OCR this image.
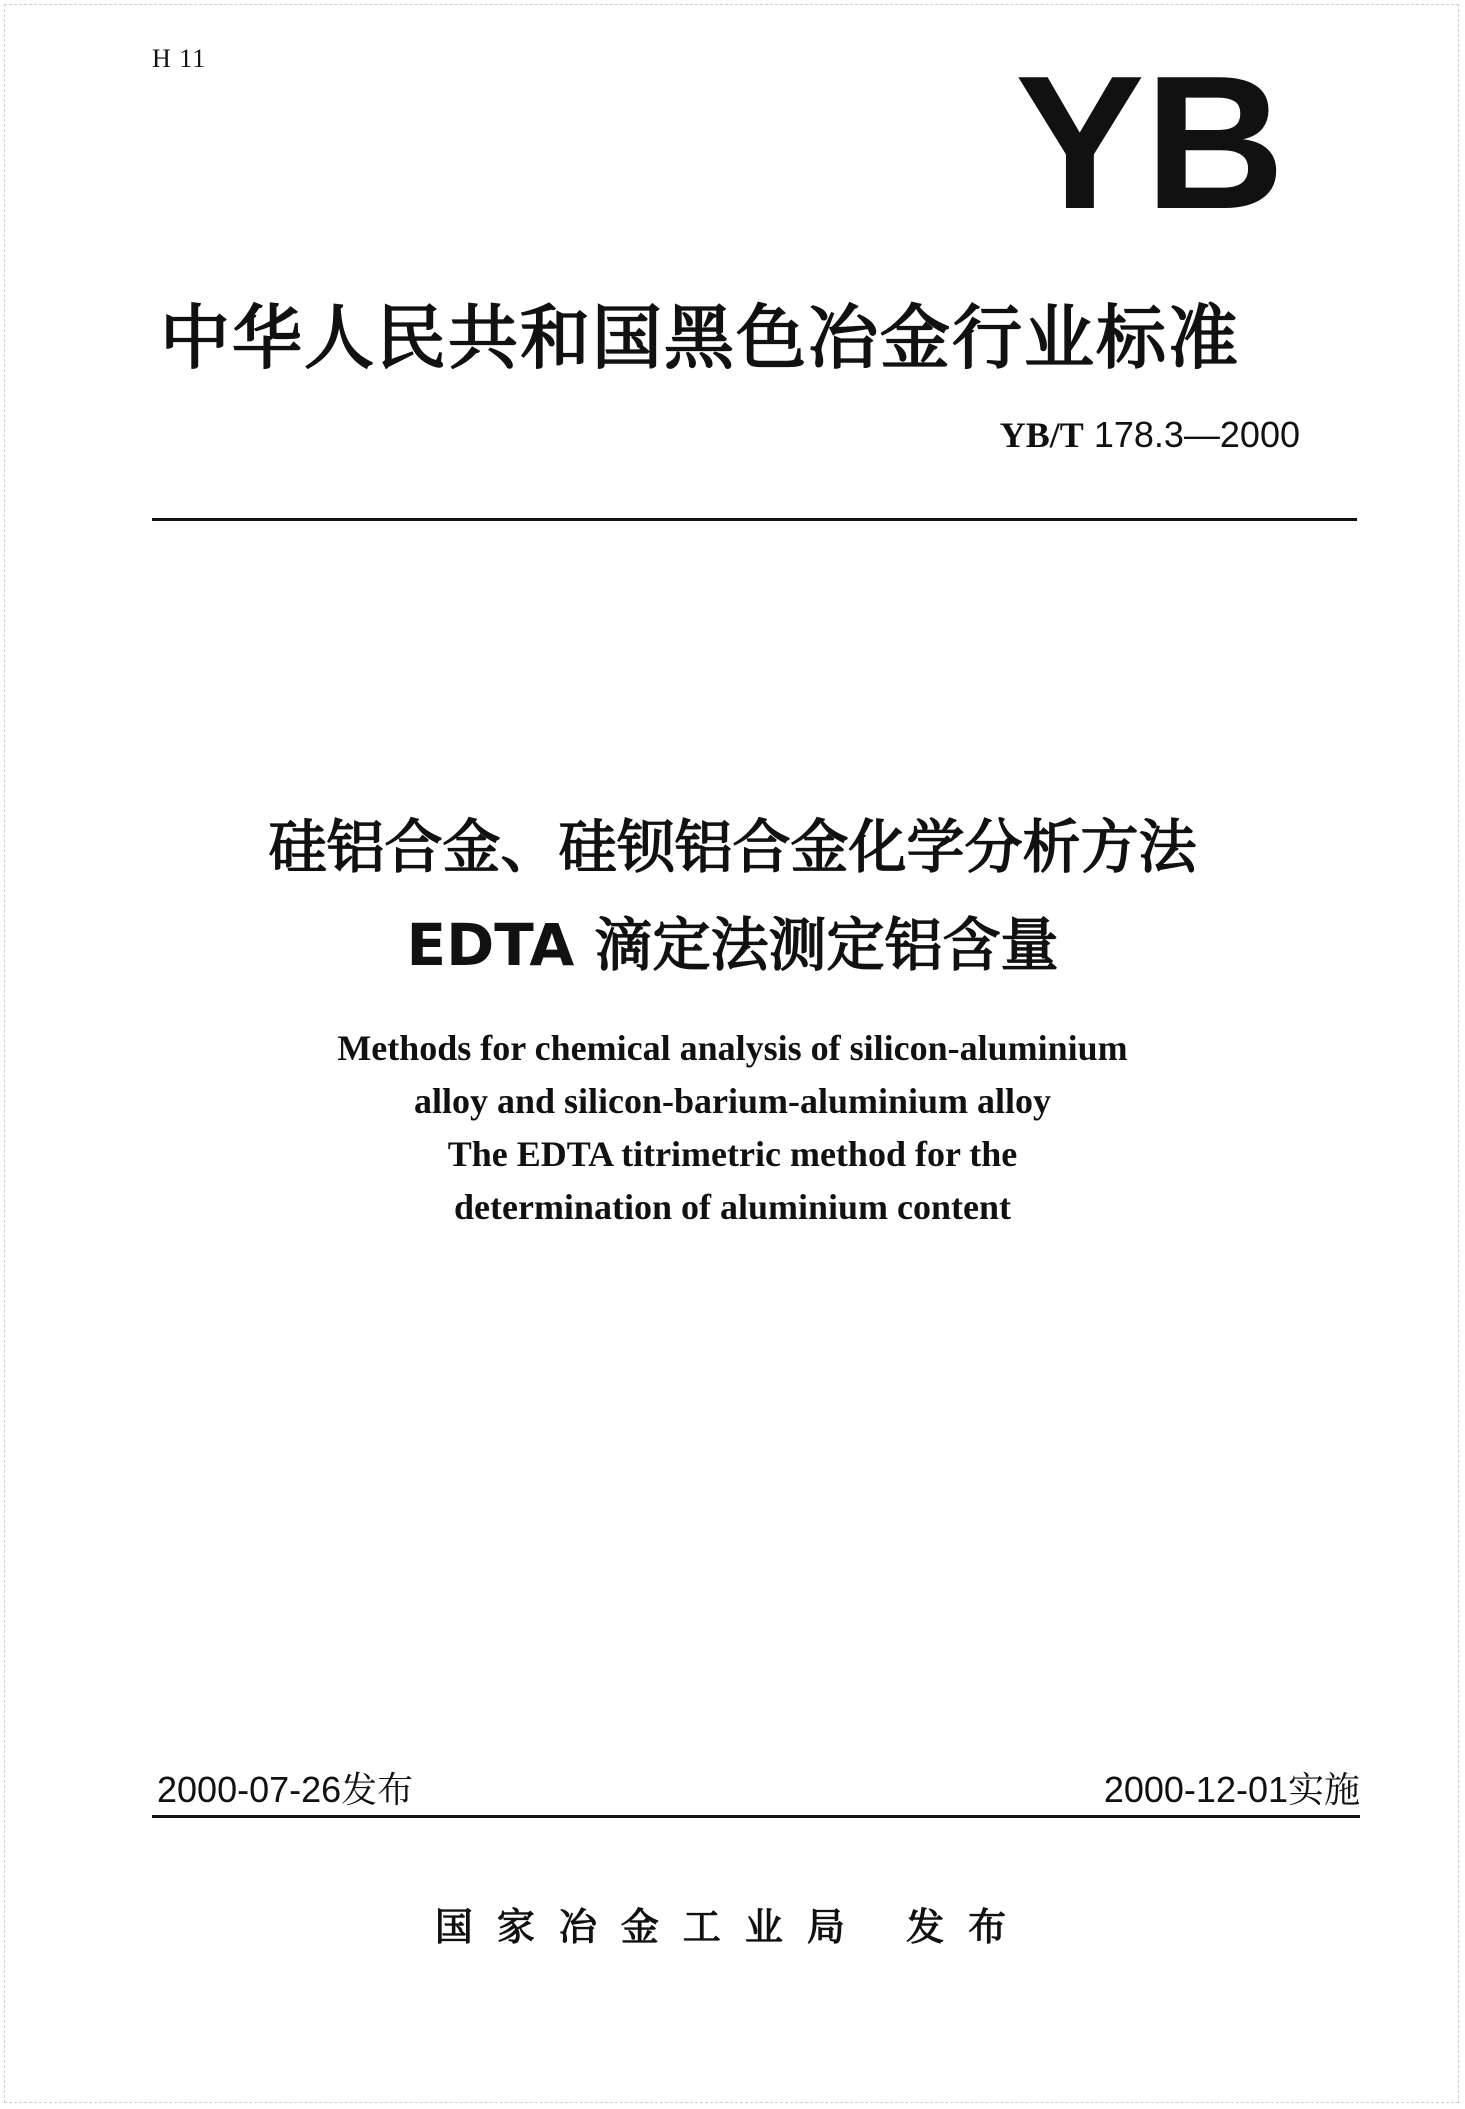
H 11	YB
中华人民共和国黑色冶金行业标准
YB/T 178.3—2000
硅铝合金、硅钡铝合金化学分析方法
EDTA 滴定法测定铝含量
Methods for chemical analysis of silicon-aluminium
alloy and silicon-barium-aluminium alloy
The EDTA titrimetric method for the
determination of aluminium content
2000-07-26发布	2000-12-01实施
国家冶金工业局 发布
